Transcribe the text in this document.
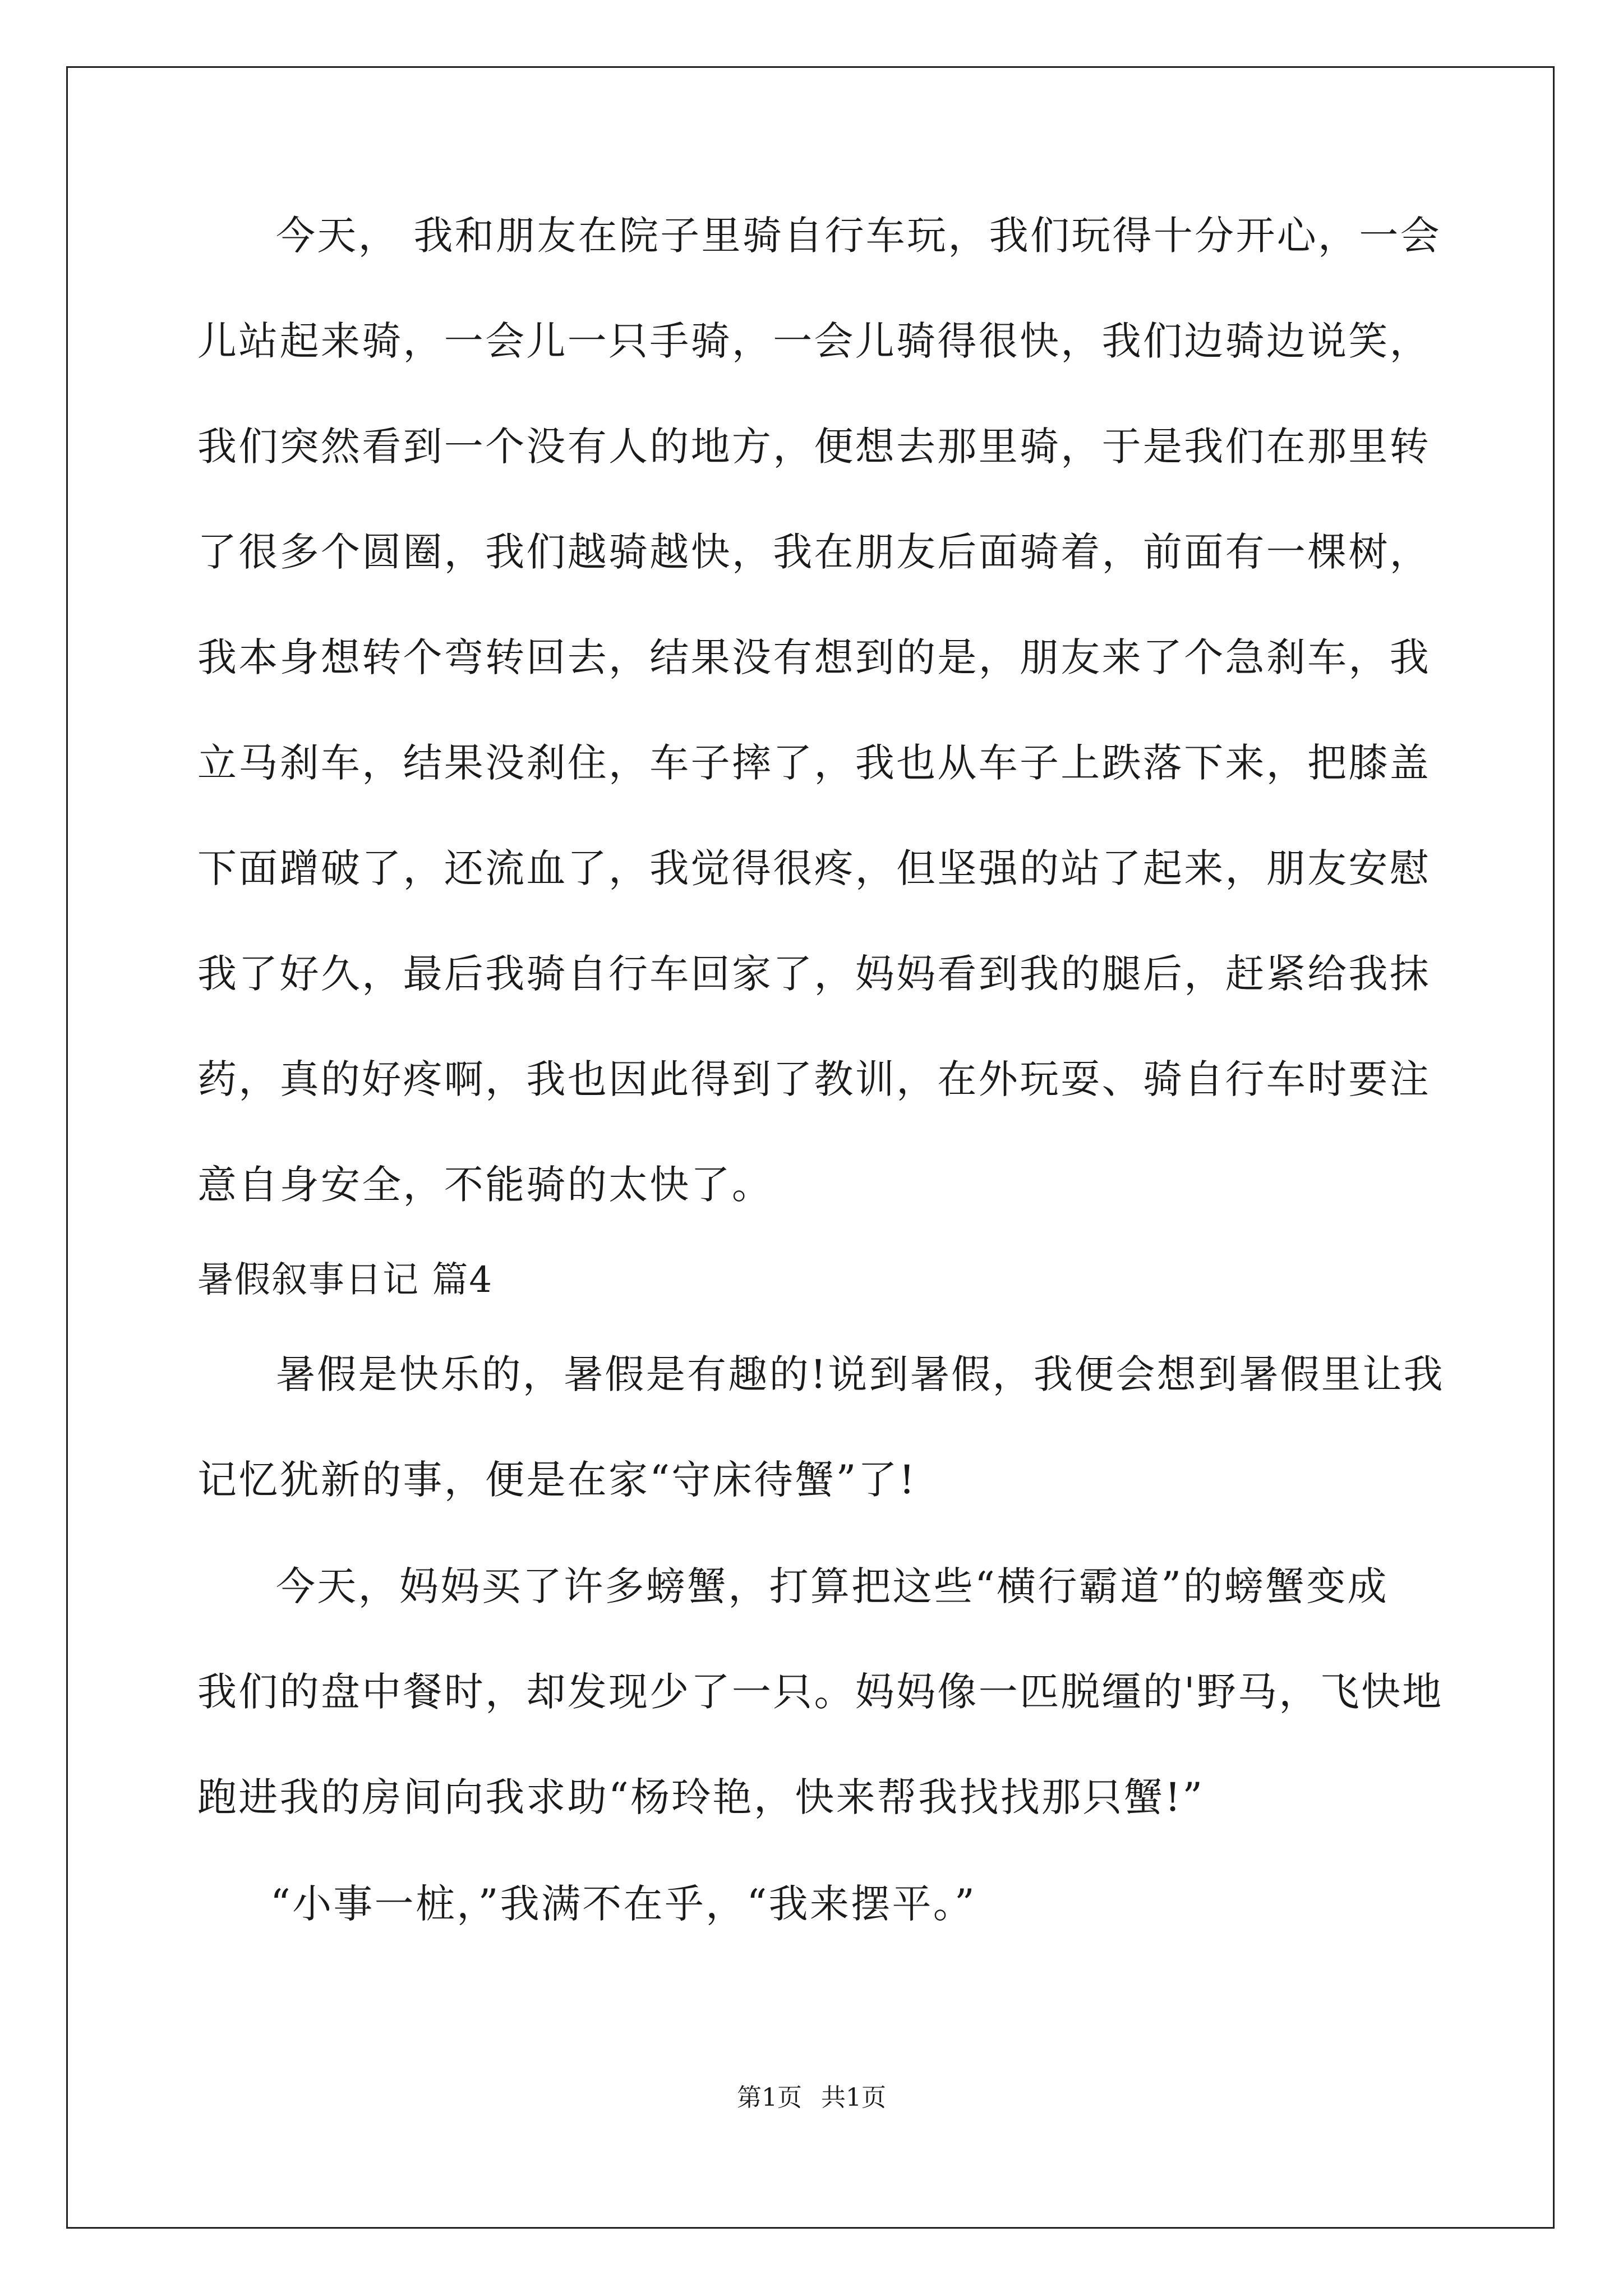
今天， 我和朋友在院子里骑自行车玩，我们玩得十分开心，一会
儿站起来骑，一会儿一只手骑，一会儿骑得很快，我们边骑边说笑，
我们突然看到一个没有人的地方，便想去那里骑，于是我们在那里转
了很多个圆圈，我们越骑越快，我在朋友后面骑着，前面有一棵树，
我本身想转个弯转回去，结果没有想到的是，朋友来了个急刹车，我
立马刹车，结果没刹住，车子摔了，我也从车子上跌落下来，把膝盖
下面蹭破了，还流血了，我觉得很疼，但坚强的站了起来，朋友安慰
我了好久，最后我骑自行车回家了，妈妈看到我的腿后，赶紧给我抹
药，真的好疼啊，我也因此得到了教训，在外玩耍、骑自行车时要注
意自身安全，不能骑的太快了。
暑假叙事日记 篇4
暑假是快乐的，暑假是有趣的!说到暑假，我便会想到暑假里让我
记忆犹新的事，便是在家“守床待蟹”了!
今天，妈妈买了许多螃蟹，打算把这些“横行霸道”的螃蟹变成
我们的盘中餐时，却发现少了一只。妈妈像一匹脱缰的'野马，飞快地
跑进我的房间向我求助“杨玲艳，快来帮我找找那只蟹!”
“小事一桩，”我满不在乎，“我来摆平。”
第1页 共1页
